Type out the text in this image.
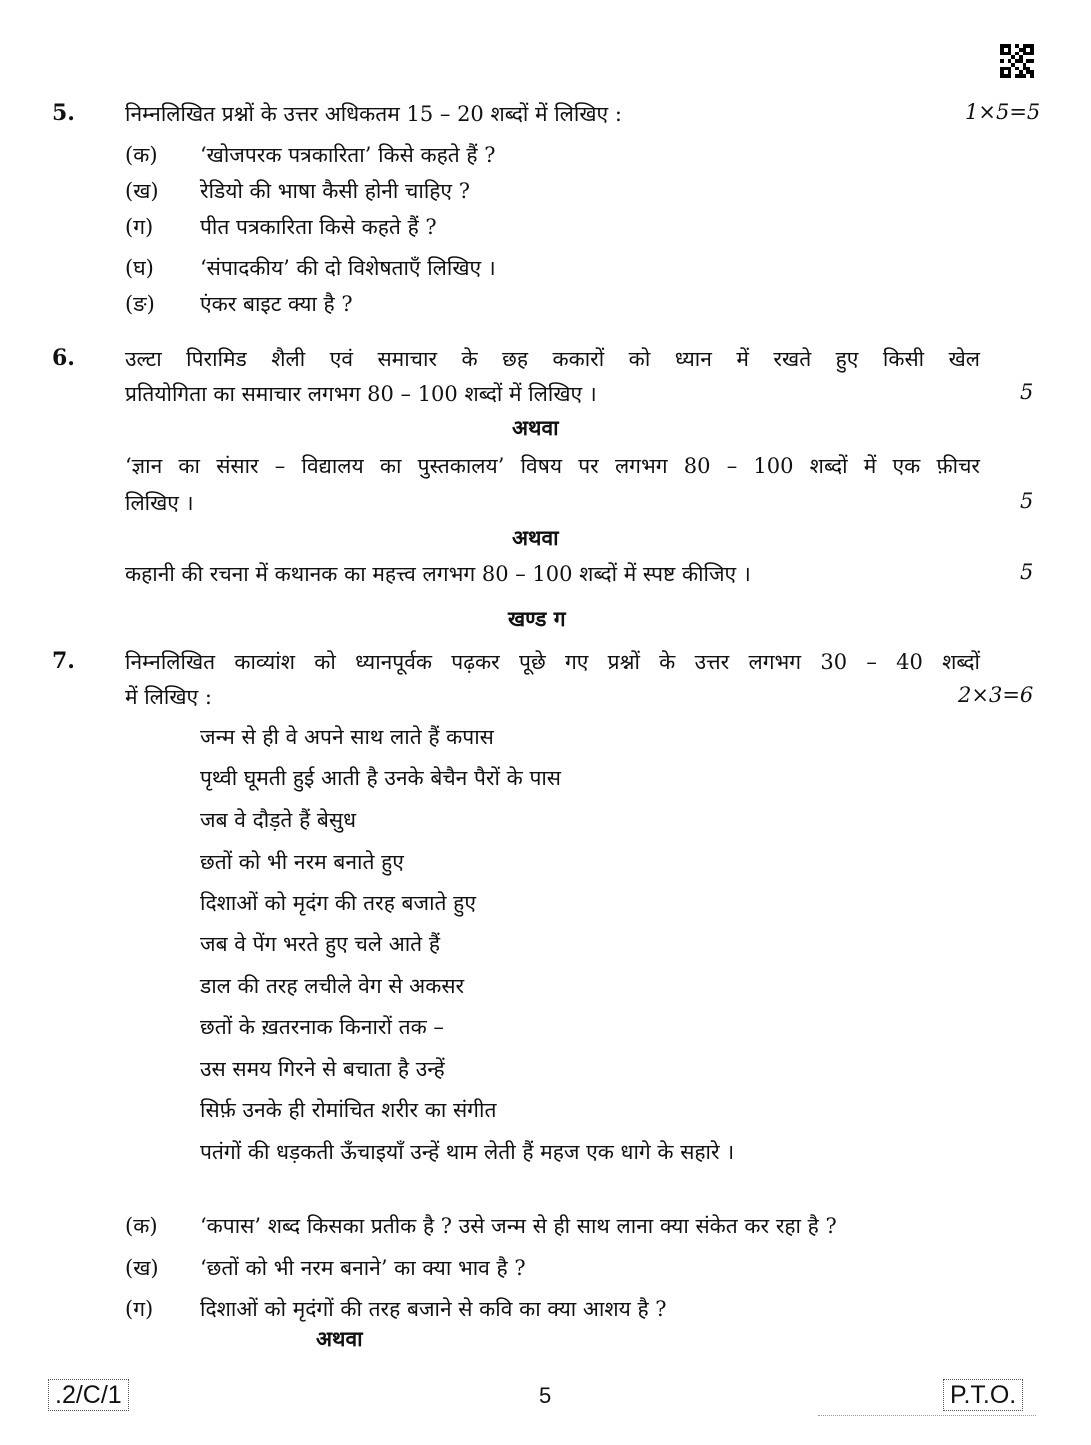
5. निम्नलिखित प्रश्नों के उत्तर अधिकतम 15 – 20 शब्दों में लिखिए :	1×5=5
(क) ‘खोजपरक पत्रकारिता’ किसे कहते हैं ?
(ख) रेडियो की भाषा कैसी होनी चाहिए ?
(ग) पीत पत्रकारिता किसे कहते हैं ?
(घ) ‘संपादकीय’ की दो विशेषताएँ लिखिए ।
(ङ) एंकर बाइट क्या है ?
6. उल्टा पिरामिड शैली एवं समाचार के छह ककारों को ध्यान में रखते हुए किसी खेल
प्रतियोगिता का समाचार लगभग 80 – 100 शब्दों में लिखिए ।	5
अथवा
‘ज्ञान का संसार – विद्यालय का पुस्तकालय’ विषय पर लगभग 80 – 100 शब्दों में एक फ़ीचर
लिखिए ।	5
अथवा
कहानी की रचना में कथानक का महत्त्व लगभग 80 – 100 शब्दों में स्पष्ट कीजिए ।	5
खण्ड ग
7. निम्नलिखित काव्यांश को ध्यानपूर्वक पढ़कर पूछे गए प्रश्नों के उत्तर लगभग 30 – 40 शब्दों
में लिखिए :	2×3=6
जन्म से ही वे अपने साथ लाते हैं कपास
पृथ्वी घूमती हुई आती है उनके बेचैन पैरों के पास
जब वे दौड़ते हैं बेसुध
छतों को भी नरम बनाते हुए
दिशाओं को मृदंग की तरह बजाते हुए
जब वे पेंग भरते हुए चले आते हैं
डाल की तरह लचीले वेग से अकसर
छतों के ख़तरनाक किनारों तक –
उस समय गिरने से बचाता है उन्हें
सिर्फ़ उनके ही रोमांचित शरीर का संगीत
पतंगों की धड़कती ऊँचाइयाँ उन्हें थाम लेती हैं महज एक धागे के सहारे ।
(क) ‘कपास’ शब्द किसका प्रतीक है ? उसे जन्म से ही साथ लाना क्या संकेत कर रहा है ?
(ख) ‘छतों को भी नरम बनाने’ का क्या भाव है ?
(ग) दिशाओं को मृदंगों की तरह बजाने से कवि का क्या आशय है ?
अथवा
.2/C/1	5	P.T.O.
